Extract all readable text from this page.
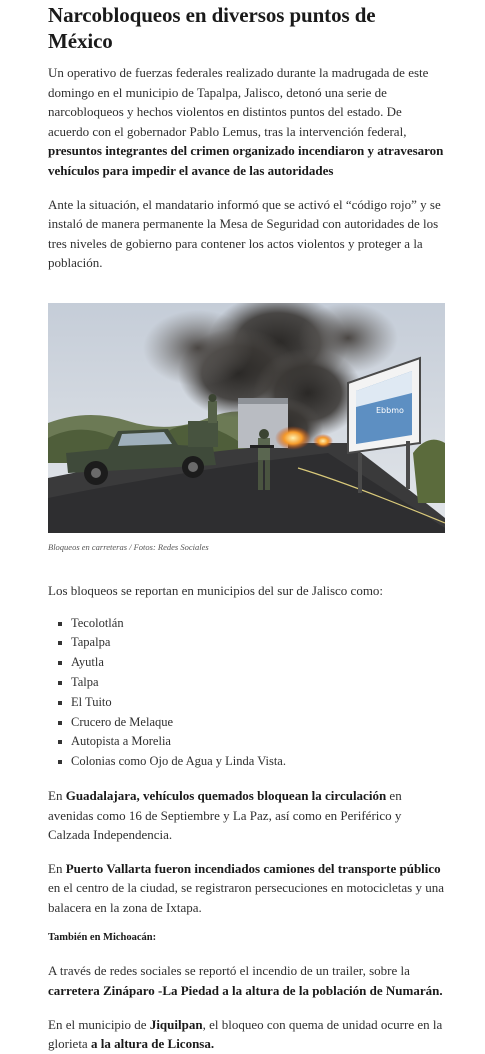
Narcobloqueos en diversos puntos de México

Un operativo de fuerzas federales realizado durante la madrugada de este domingo en el municipio de Tapalpa, Jalisco, detonó una serie de narcobloqueos y hechos violentos en distintos puntos del estado. De acuerdo con el gobernador Pablo Lemus, tras la intervención federal, presuntos integrantes del crimen organizado incendiaron y atravesaron vehículos para impedir el avance de las autoridades

Ante la situación, el mandatario informó que se activó el “código rojo” y se instaló de manera permanente la Mesa de Seguridad con autoridades de los tres niveles de gobierno para contener los actos violentos y proteger a la población.

Ebbmo
Bloqueos en carreteras / Fotos: Redes Sociales

Los bloqueos se reportan en municipios del sur de Jalisco como:

Tecolotlán
Tapalpa
Ayutla
Talpa
El Tuito
Crucero de Melaque
Autopista a Morelia
Colonias como Ojo de Agua y Linda Vista.

En Guadalajara, vehículos quemados bloquean la circulación en avenidas como 16 de Septiembre y La Paz, así como en Periférico y Calzada Independencia.

En Puerto Vallarta fueron incendiados camiones del transporte público en el centro de la ciudad, se registraron persecuciones en motocicletas y una balacera en la zona de Ixtapa.

También en Michoacán:

A través de redes sociales se reportó el incendio de un trailer, sobre la carretera Zináparo -La Piedad a la altura de la población de Numarán.

En el municipio de Jiquilpan, el bloqueo con quema de unidad ocurre en la glorieta a la altura de Liconsa.
